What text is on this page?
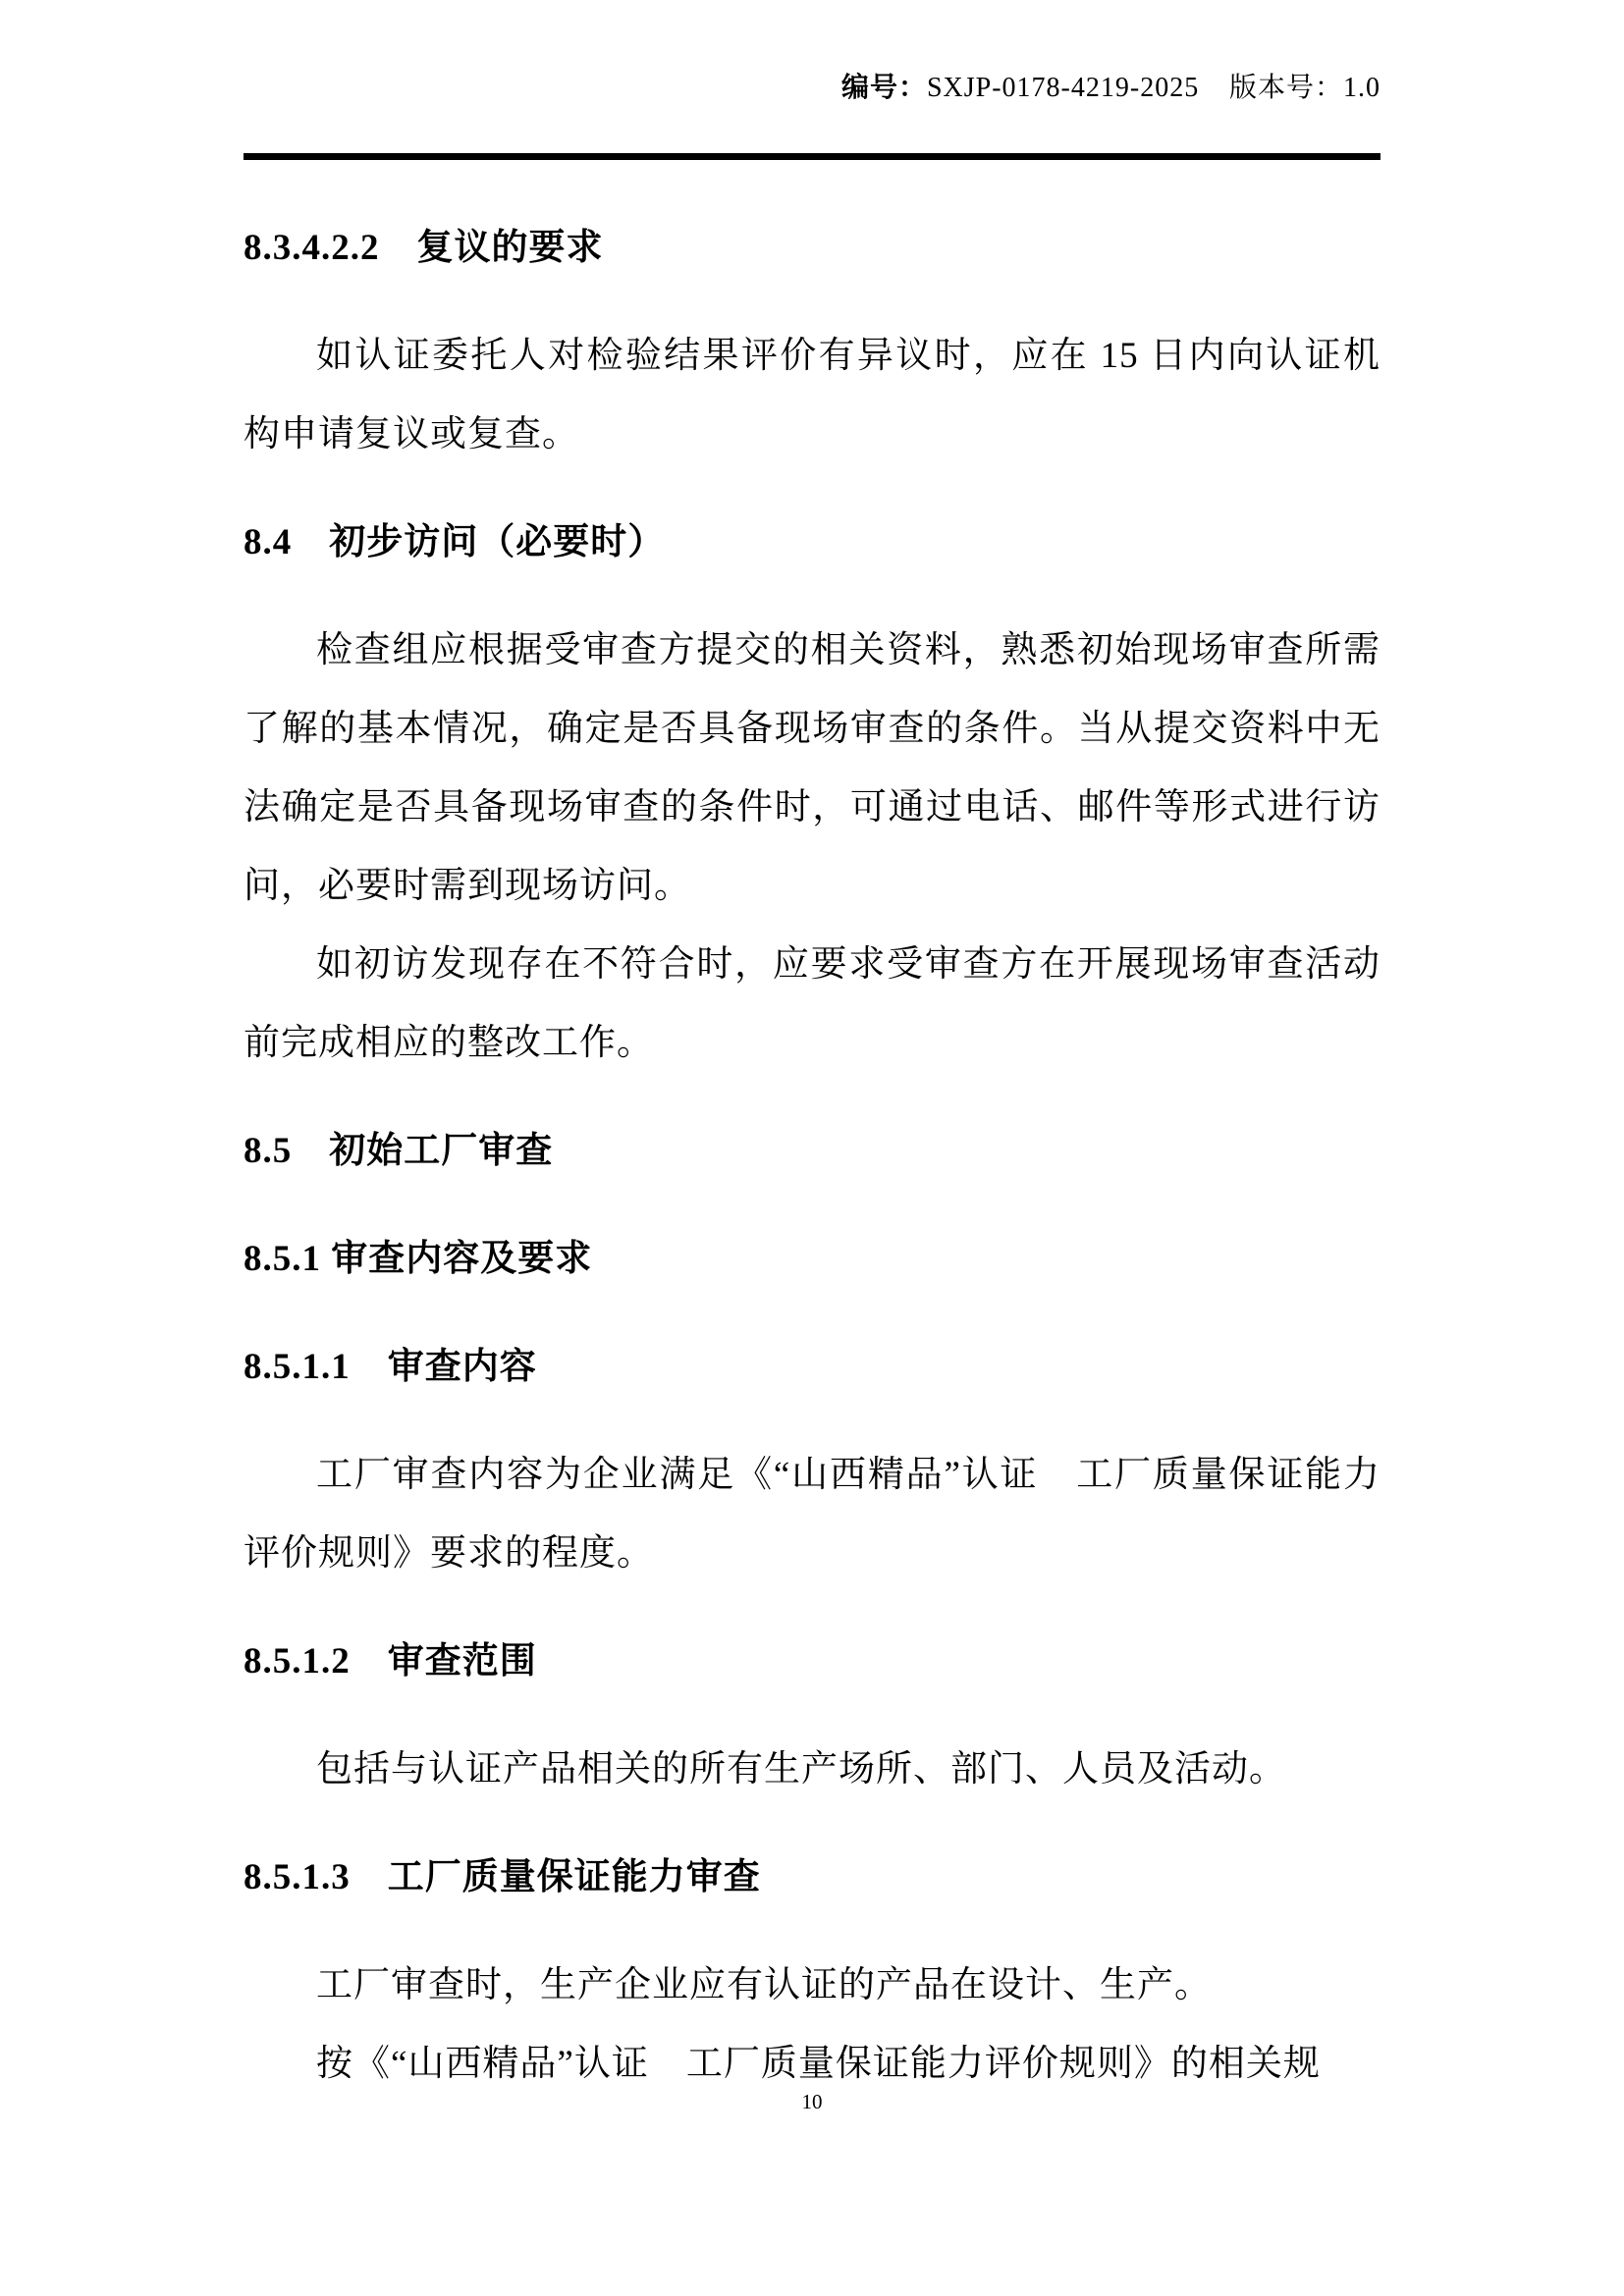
编号：SXJP-0178-4219-2025 版本号：1.0
8.3.4.2.2　复议的要求

如认证委托人对检验结果评价有异议时，应在 15 日内向认证机构申请复议或复查。

8.4　初步访问（必要时）

检查组应根据受审查方提交的相关资料，熟悉初始现场审查所需了解的基本情况，确定是否具备现场审查的条件。当从提交资料中无法确定是否具备现场审查的条件时，可通过电话、邮件等形式进行访问，必要时需到现场访问。

如初访发现存在不符合时，应要求受审查方在开展现场审查活动前完成相应的整改工作。

8.5　初始工厂审查
8.5.1 审查内容及要求
8.5.1.1　审查内容

工厂审查内容为企业满足《“山西精品”认证　工厂质量保证能力评价规则》要求的程度。

8.5.1.2　审查范围

包括与认证产品相关的所有生产场所、部门、人员及活动。

8.5.1.3　工厂质量保证能力审查

工厂审查时，生产企业应有认证的产品在设计、生产。

按《“山西精品”认证　工厂质量保证能力评价规则》的相关规

10
